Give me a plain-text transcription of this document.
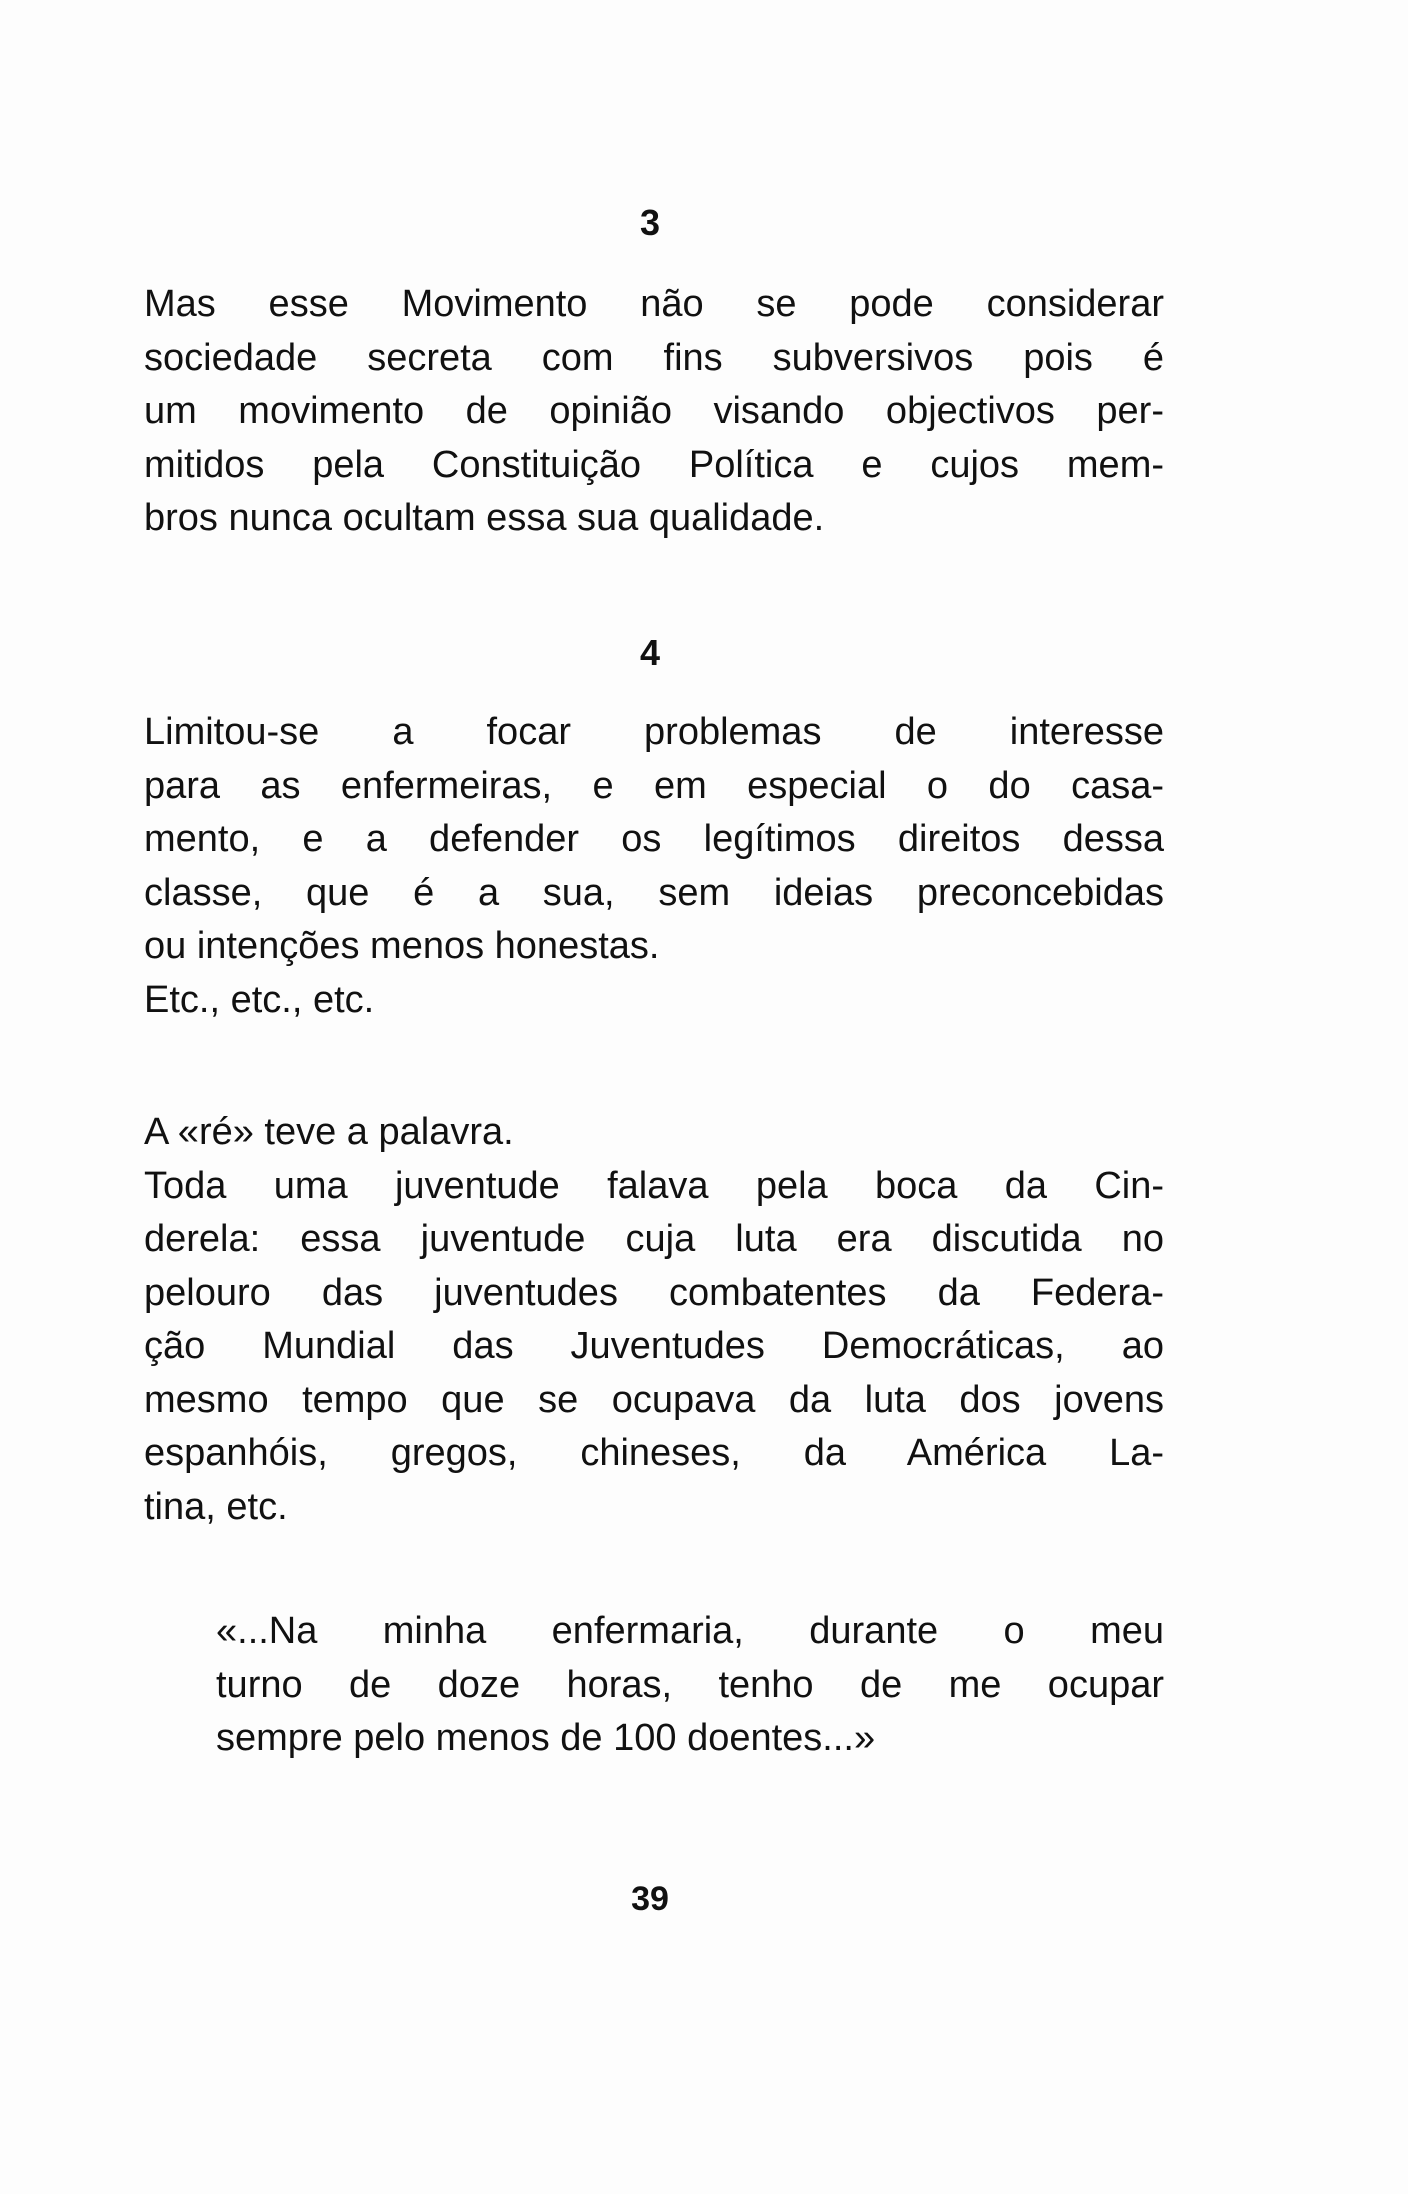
3
Mas esse Movimento não se pode considerar
sociedade secreta com fins subversivos pois é
um movimento de opinião visando objectivos per-
mitidos pela Constituição Política e cujos mem-
bros nunca ocultam essa sua qualidade.
4
Limitou-se a focar problemas de interesse
para as enfermeiras, e em especial o do casa-
mento, e a defender os legítimos direitos dessa
classe, que é a sua, sem ideias preconcebidas
ou intenções menos honestas.
Etc., etc., etc.
A «ré» teve a palavra.
Toda uma juventude falava pela boca da Cin-
derela: essa juventude cuja luta era discutida no
pelouro das juventudes combatentes da Federa-
ção Mundial das Juventudes Democráticas, ao
mesmo tempo que se ocupava da luta dos jovens
espanhóis, gregos, chineses, da América La-
tina, etc.
«...Na minha enfermaria, durante o meu
turno de doze horas, tenho de me ocupar
sempre pelo menos de 100 doentes...»
39
